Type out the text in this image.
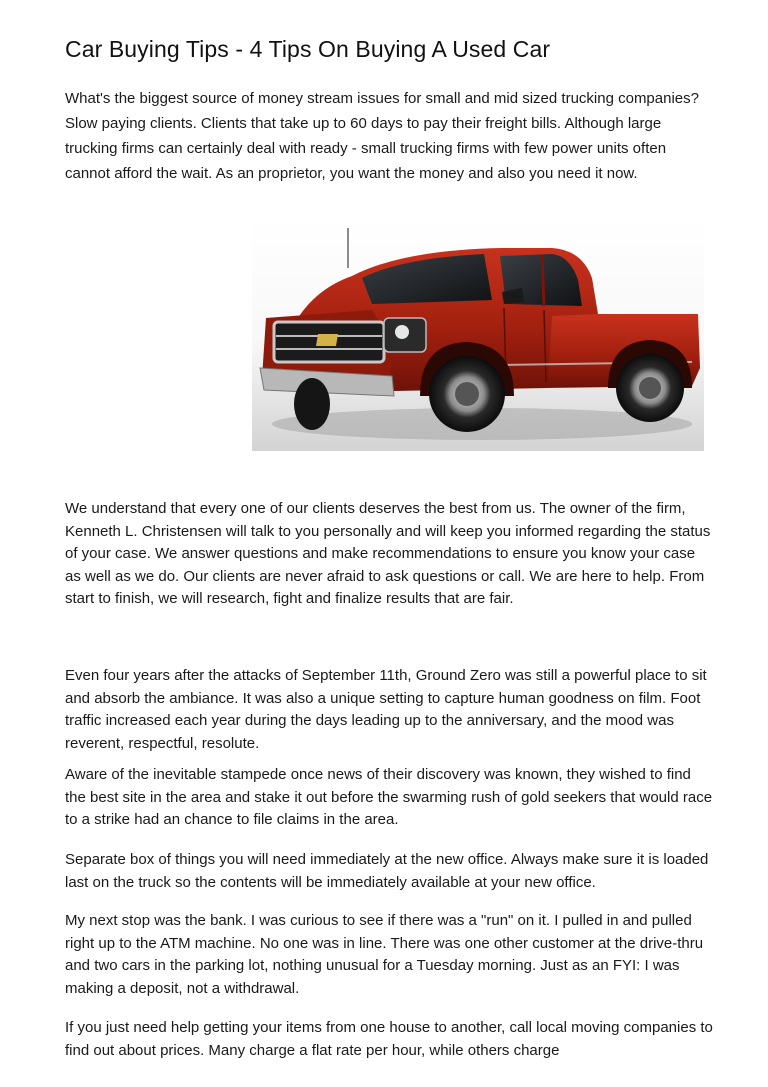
Car Buying Tips - 4 Tips On Buying A Used Car

What's the biggest source of money stream issues for small and mid sized trucking companies? Slow paying clients. Clients that take up to 60 days to pay their freight bills. Although large trucking firms can certainly deal with ready - small trucking firms with few power units often cannot afford the wait. As an proprietor, you want the money and also you need it now.

We understand that every one of our clients deserves the best from us. The owner of the firm, Kenneth L. Christensen will talk to you personally and will keep you informed regarding the status of your case. We answer questions and make recommendations to ensure you know your case as well as we do. Our clients are never afraid to ask questions or call. We are here to help. From start to finish, we will research, fight and finalize results that are fair.

Even four years after the attacks of September 11th, Ground Zero was still a powerful place to sit and absorb the ambiance. It was also a unique setting to capture human goodness on film. Foot traffic increased each year during the days leading up to the anniversary, and the mood was reverent, respectful, resolute.

Aware of the inevitable stampede once news of their discovery was known, they wished to find the best site in the area and stake it out before the swarming rush of gold seekers that would race to a strike had an chance to file claims in the area.

Separate box of things you will need immediately at the new office. Always make sure it is loaded last on the truck so the contents will be immediately available at your new office.

My next stop was the bank. I was curious to see if there was a "run" on it. I pulled in and pulled right up to the ATM machine. No one was in line. There was one other customer at the drive-thru and two cars in the parking lot, nothing unusual for a Tuesday morning. Just as an FYI: I was making a deposit, not a withdrawal.

If you just need help getting your items from one house to another, call local moving companies to find out about prices. Many charge a flat rate per hour, while others charge
